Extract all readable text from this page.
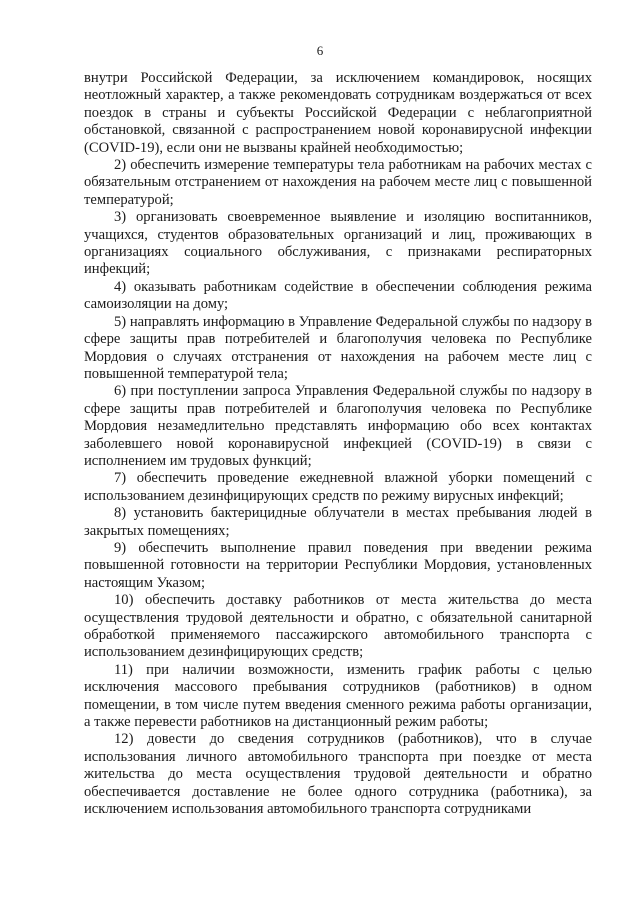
6

внутри Российской Федерации, за исключением командировок, носящих неотложный характер, а также рекомендовать сотрудникам воздержаться от всех поездок в страны и субъекты Российской Федерации с неблагоприятной обстановкой, связанной с распространением новой коронавирусной инфекции (COVID-19), если они не вызваны крайней необходимостью;

2) обеспечить измерение температуры тела работникам на рабочих местах с обязательным отстранением от нахождения на рабочем месте лиц с повышенной температурой;

3) организовать своевременное выявление и изоляцию воспитанников, учащихся, студентов образовательных организаций и лиц, проживающих в организациях социального обслуживания, с признаками респираторных инфекций;

4) оказывать работникам содействие в обеспечении соблюдения режима самоизоляции на дому;

5) направлять информацию в Управление Федеральной службы по надзору в сфере защиты прав потребителей и благополучия человека по Республике Мордовия о случаях отстранения от нахождения на рабочем месте лиц с повышенной температурой тела;

6) при поступлении запроса Управления Федеральной службы по надзору в сфере защиты прав потребителей и благополучия человека по Республике Мордовия незамедлительно представлять информацию обо всех контактах заболевшего новой коронавирусной инфекцией (COVID-19) в связи с исполнением им трудовых функций;

7) обеспечить проведение ежедневной влажной уборки помещений с использованием дезинфицирующих средств по режиму вирусных инфекций;

8) установить бактерицидные облучатели в местах пребывания людей в закрытых помещениях;

9) обеспечить выполнение правил поведения при введении режима повышенной готовности на территории Республики Мордовия, установленных настоящим Указом;

10) обеспечить доставку работников от места жительства до места осуществления трудовой деятельности и обратно, с обязательной санитарной обработкой применяемого пассажирского автомобильного транспорта с использованием дезинфицирующих средств;

11) при наличии возможности, изменить график работы с целью исключения массового пребывания сотрудников (работников) в одном помещении, в том числе путем введения сменного режима работы организации, а также перевести работников на дистанционный режим работы;

12) довести до сведения сотрудников (работников), что в случае использования личного автомобильного транспорта при поездке от места жительства до места осуществления трудовой деятельности и обратно обеспечивается доставление не более одного сотрудника (работника), за исключением использования автомобильного транспорта сотрудниками
